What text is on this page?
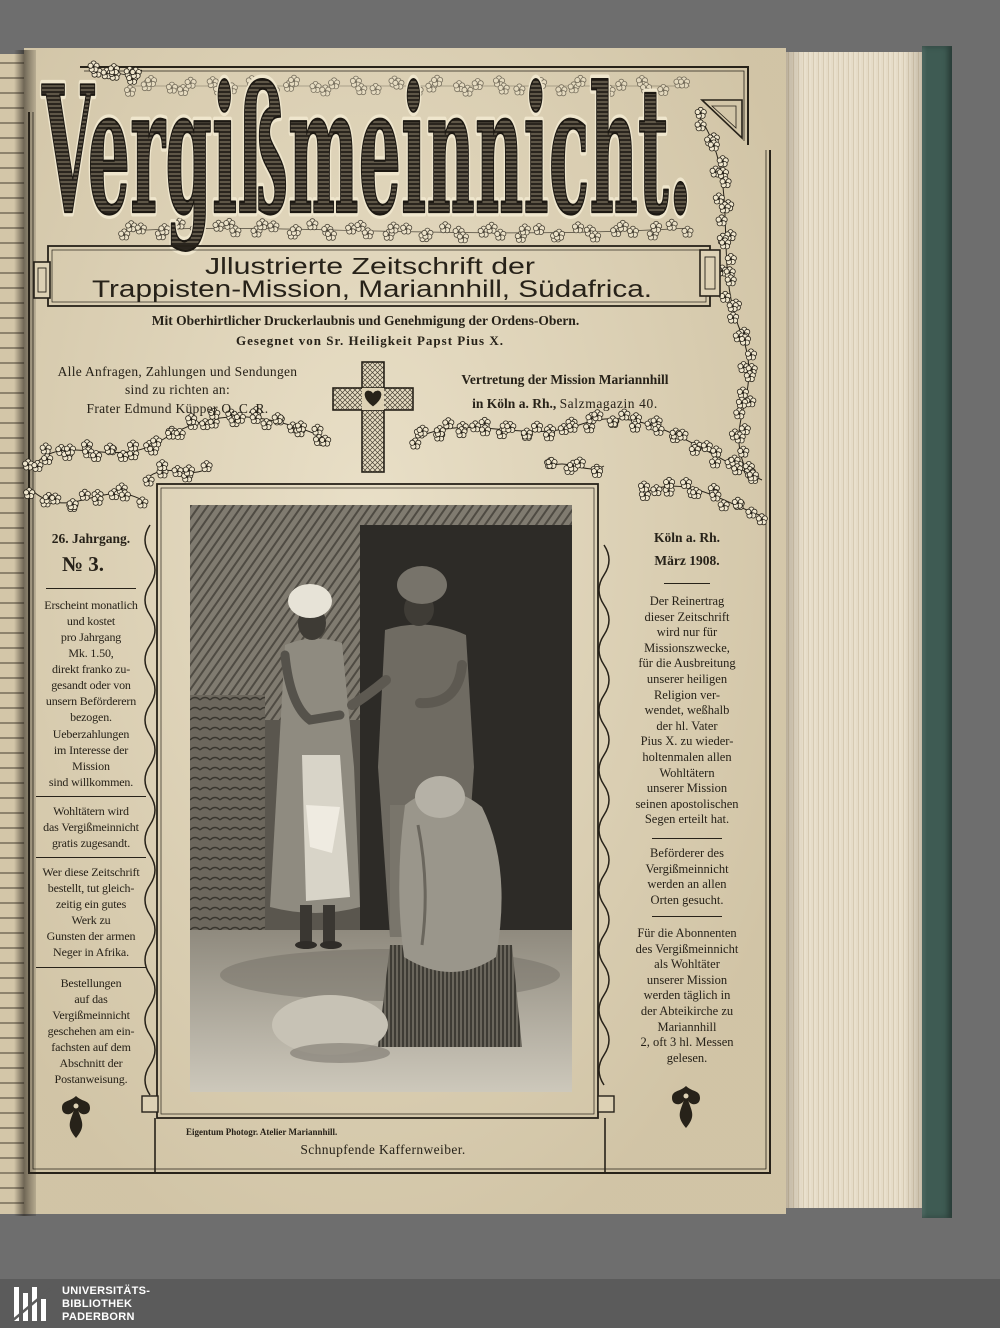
Vergißmeinnicht.
Vergißmeinnicht.
Jllustrierte Zeitschrift der
Trappisten-Mission, Mariannhill, Südafrica.
Mit Oberhirtlicher Druckerlaubnis und Genehmigung der Ordens-Obern.
Gesegnet von Sr. Heiligkeit Papst Pius X.
Alle Anfragen, Zahlungen und Sendungen
sind zu richten an:
Frater Edmund Küpper O. C. R.
Vertretung der Mission Mariannhill
in Köln a. Rh., Salzmagazin 40.
26. Jahrgang.
№ 3.
Erscheint monatlich
und kostet
pro Jahrgang
Mk. 1.50,
direkt franko zu-
gesandt oder von
unsern Beförderern
bezogen.
Ueberzahlungen
im Interesse der
Mission
sind willkommen.
Wohltätern wird
das Vergißmeinnicht
gratis zugesandt.
Wer diese Zeitschrift
bestellt, tut gleich-
zeitig ein gutes
Werk zu
Gunsten der armen
Neger in Afrika.
Bestellungen
auf das
Vergißmeinnicht
geschehen am ein-
fachsten auf dem
Abschnitt der
Postanweisung.
Köln a. Rh.
März 1908.
Der Reinertrag
dieser Zeitschrift
wird nur für
Missionszwecke,
für die Ausbreitung
unserer heiligen
Religion ver-
wendet, weßhalb
der hl. Vater
Pius X. zu wieder-
holtenmalen allen
Wohltätern
unserer Mission
seinen apostolischen
Segen erteilt hat.
Beförderer des
Vergißmeinnicht
werden an allen
Orten gesucht.
Für die Abonnenten
des Vergißmeinnicht
als Wohltäter
unserer Mission
werden täglich in
der Abteikirche zu
Mariannhill
2, oft 3 hl. Messen
gelesen.
Eigentum Photogr. Atelier Mariannhill.
Schnupfende Kaffernweiber.
UNIVERSITÄTS-
BIBLIOTHEK
PADERBORN
